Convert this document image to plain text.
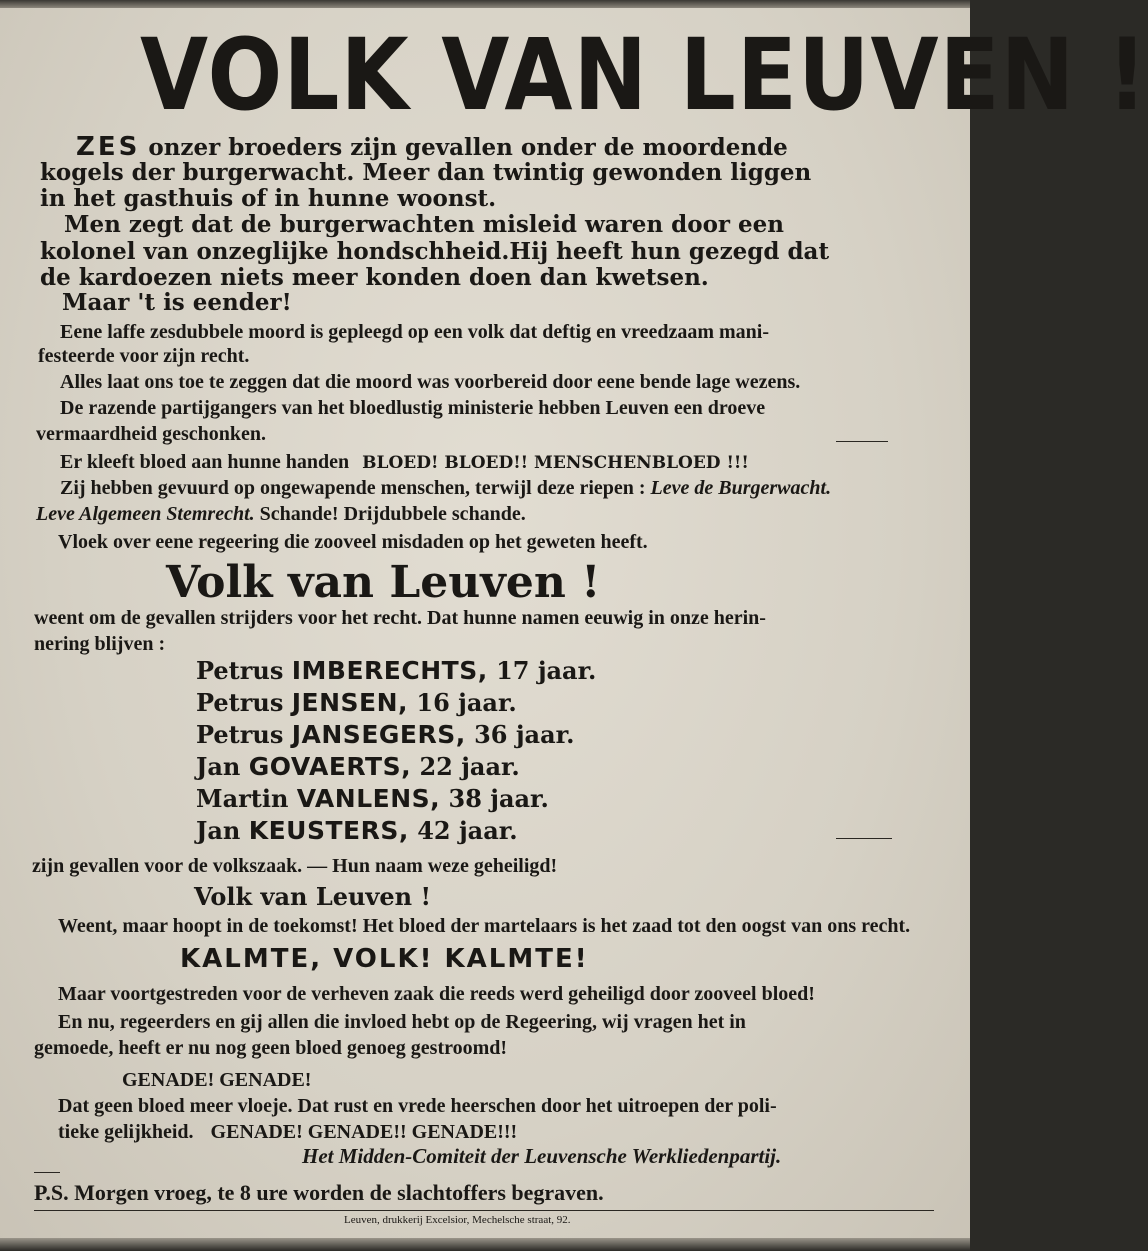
VOLK VAN LEUVEN !
ZES onzer broeders zijn gevallen onder de moordende
kogels der burgerwacht. Meer dan twintig gewonden liggen
in het gasthuis of in hunne woonst.
Men zegt dat de burgerwachten misleid waren door een
kolonel van onzeglijke hondschheid.Hij heeft hun gezegd dat
de kardoezen niets meer konden doen dan kwetsen.
Maar 't is eender!
Eene laffe zesdubbele moord is gepleegd op een volk dat deftig en vreedzaam mani-
festeerde voor zijn recht.
Alles laat ons toe te zeggen dat die moord was voorbereid door eene bende lage wezens.
De razende partijgangers van het bloedlustig ministerie hebben Leuven een droeve
vermaardheid geschonken.
Er kleeft bloed aan hunne handen BLOED! BLOED!! MENSCHENBLOED !!!
Zij hebben gevuurd op ongewapende menschen, terwijl deze riepen : Leve de Burgerwacht.
Leve Algemeen Stemrecht. Schande! Drijdubbele schande.
Vloek over eene regeering die zooveel misdaden op het geweten heeft.
Volk van Leuven !
weent om de gevallen strijders voor het recht. Dat hunne namen eeuwig in onze herin-
nering blijven :
Petrus IMBERECHTS, 17 jaar.
Petrus JENSEN, 16 jaar.
Petrus JANSEGERS, 36 jaar.
Jan GOVAERTS, 22 jaar.
Martin VANLENS, 38 jaar.
Jan KEUSTERS, 42 jaar.
zijn gevallen voor de volkszaak. — Hun naam weze geheiligd!
Volk van Leuven !
Weent, maar hoopt in de toekomst! Het bloed der martelaars is het zaad tot den oogst van ons recht.
KALMTE, VOLK! KALMTE!
Maar voortgestreden voor de verheven zaak die reeds werd geheiligd door zooveel bloed!
En nu, regeerders en gij allen die invloed hebt op de Regeering, wij vragen het in
gemoede, heeft er nu nog geen bloed genoeg gestroomd!
GENADE! GENADE!
Dat geen bloed meer vloeje. Dat rust en vrede heerschen door het uitroepen der poli-
tieke gelijkheid. GENADE! GENADE!! GENADE!!!
Het Midden-Comiteit der Leuvensche Werkliedenpartij.
P.S. Morgen vroeg, te 8 ure worden de slachtoffers begraven.
Leuven, drukkerij Excelsior, Mechelsche straat, 92.
